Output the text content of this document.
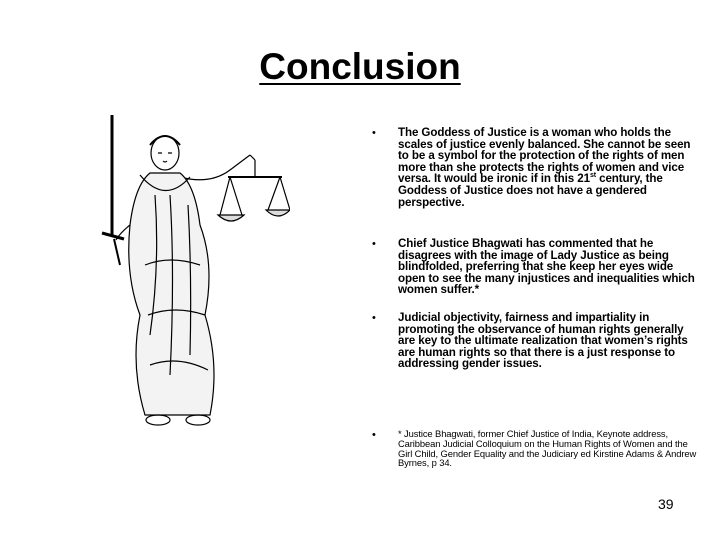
Conclusion
• The Goddess of Justice is a woman who holds the scales of justice evenly balanced. She cannot be seen to be a symbol for the protection of the rights of men more than she protects the rights of women and vice versa. It would be ironic if in this 21st century, the Goddess of Justice does not have a gendered perspective.
• Chief Justice Bhagwati has commented that he disagrees with the image of Lady Justice as being blindfolded, preferring that she keep her eyes wide open to see the many injustices and inequalities which women suffer.*
• Judicial objectivity, fairness and impartiality in promoting the observance of human rights generally are key to the ultimate realization that women’s rights are human rights so that there is a just response to addressing gender issues.
• * Justice Bhagwati, former Chief Justice of India, Keynote address, Caribbean Judicial Colloquium on the Human Rights of Women and the Girl Child, Gender Equality and the Judiciary ed Kirstine Adams & Andrew Byrnes, p 34.
39
